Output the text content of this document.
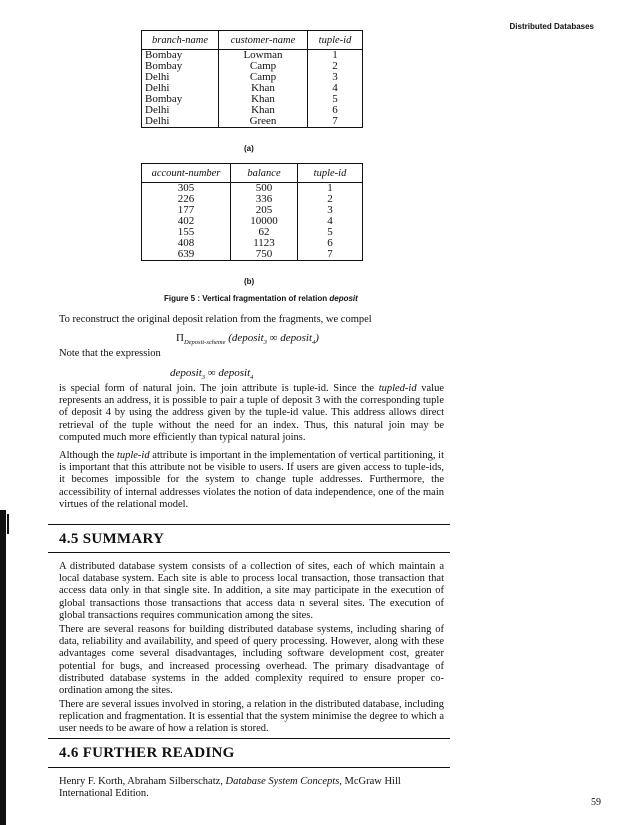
Distributed Databases
branch-name	customer-name	tuple-id
Bombay	Lowman	1
Bombay	Camp	2
Delhi	Camp	3
Delhi	Khan	4
Bombay	Khan	5
Delhi	Khan	6
Delhi	Green	7
(a)
account-number	balance	tuple-id
305	500	1
226	336	2
177	205	3
402	10000	4
155	62	5
408	1123	6
639	750	7
(b)
Figure 5 : Vertical fragmentation of relation deposit
To reconstruct the original deposit relation from the fragments, we compel
$\Pi_{Deposit-scheme}$ (deposit$_3$ ∞ deposit$_4$)
Note that the expression
deposit$_3$ ∞ deposit$_4$
is special form of natural join. The join attribute is tuple-id. Since the tupled-id value represents an address, it is possible to pair a tuple of deposit 3 with the corresponding tuple of deposit 4 by using the address given by the tuple-id value. This address allows direct retrieval of the tuple without the need for an index. Thus, this natural join may be computed much more efficiently than typical natural joins.
Although the tuple-id attribute is important in the implementation of vertical partitioning, it is important that this attribute not be visible to users. If users are given access to tuple-ids, it becomes impossible for the system to change tuple addresses. Furthermore, the accessibility of internal addresses violates the notion of data independence, one of the main virtues of the relational model.
4.5 SUMMARY
A distributed database system consists of a collection of sites, each of which maintain a local database system. Each site is able to process local transaction, those transaction that access data only in that single site. In addition, a site may participate in the execution of global transactions those transactions that access data n several sites. The execution of global transactions requires communication among the sites.
There are several reasons for building distributed database systems, including sharing of data, reliability and availability, and speed of query processing. However, along with these advantages come several disadvantages, including software development cost, greater potential for bugs, and increased processing overhead. The primary disadvantage of distributed database systems in the added complexity required to ensure proper co-ordination among the sites.
There are several issues involved in storing, a relation in the distributed database, including replication and fragmentation. It is essential that the system minimise the degree to which a user needs to be aware of how a relation is stored.
4.6 FURTHER READING
Henry F. Korth, Abraham Silberschatz, Database System Concepts, McGraw Hill International Edition.
59
